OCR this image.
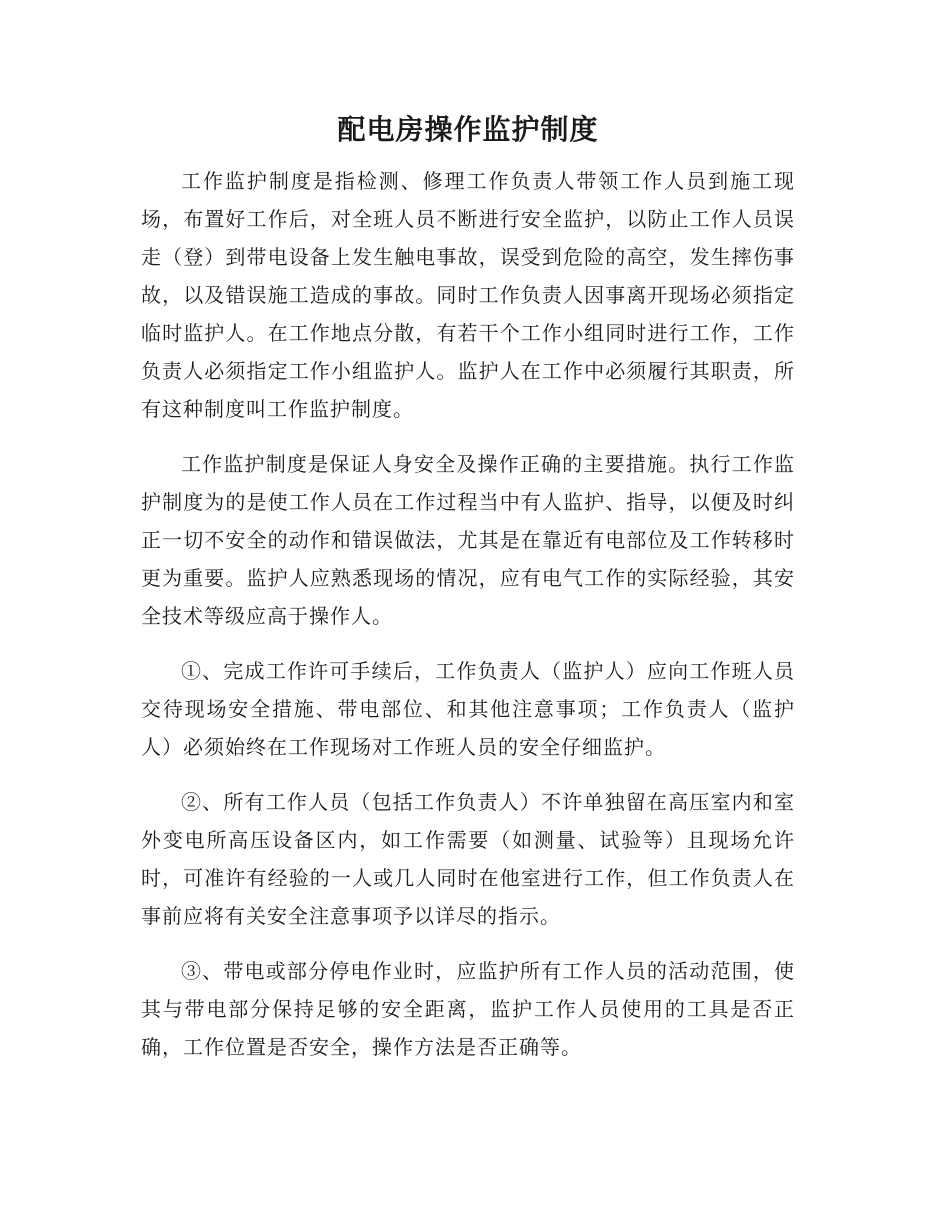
配电房操作监护制度

工作监护制度是指检测、修理工作负责人带领工作人员到施工现场，布置好工作后，对全班人员不断进行安全监护，以防止工作人员误走（登）到带电设备上发生触电事故，误受到危险的高空，发生摔伤事故，以及错误施工造成的事故。同时工作负责人因事离开现场必须指定临时监护人。在工作地点分散，有若干个工作小组同时进行工作，工作负责人必须指定工作小组监护人。监护人在工作中必须履行其职责，所有这种制度叫工作监护制度。

工作监护制度是保证人身安全及操作正确的主要措施。执行工作监护制度为的是使工作人员在工作过程当中有人监护、指导，以便及时纠正一切不安全的动作和错误做法，尤其是在靠近有电部位及工作转移时更为重要。监护人应熟悉现场的情况，应有电气工作的实际经验，其安全技术等级应高于操作人。

①、完成工作许可手续后，工作负责人（监护人）应向工作班人员交待现场安全措施、带电部位、和其他注意事项；工作负责人（监护人）必须始终在工作现场对工作班人员的安全仔细监护。

②、所有工作人员（包括工作负责人）不许单独留在高压室内和室外变电所高压设备区内，如工作需要（如测量、试验等）且现场允许时，可准许有经验的一人或几人同时在他室进行工作，但工作负责人在事前应将有关安全注意事项予以详尽的指示。

③、带电或部分停电作业时，应监护所有工作人员的活动范围，使其与带电部分保持足够的安全距离，监护工作人员使用的工具是否正确，工作位置是否安全，操作方法是否正确等。
